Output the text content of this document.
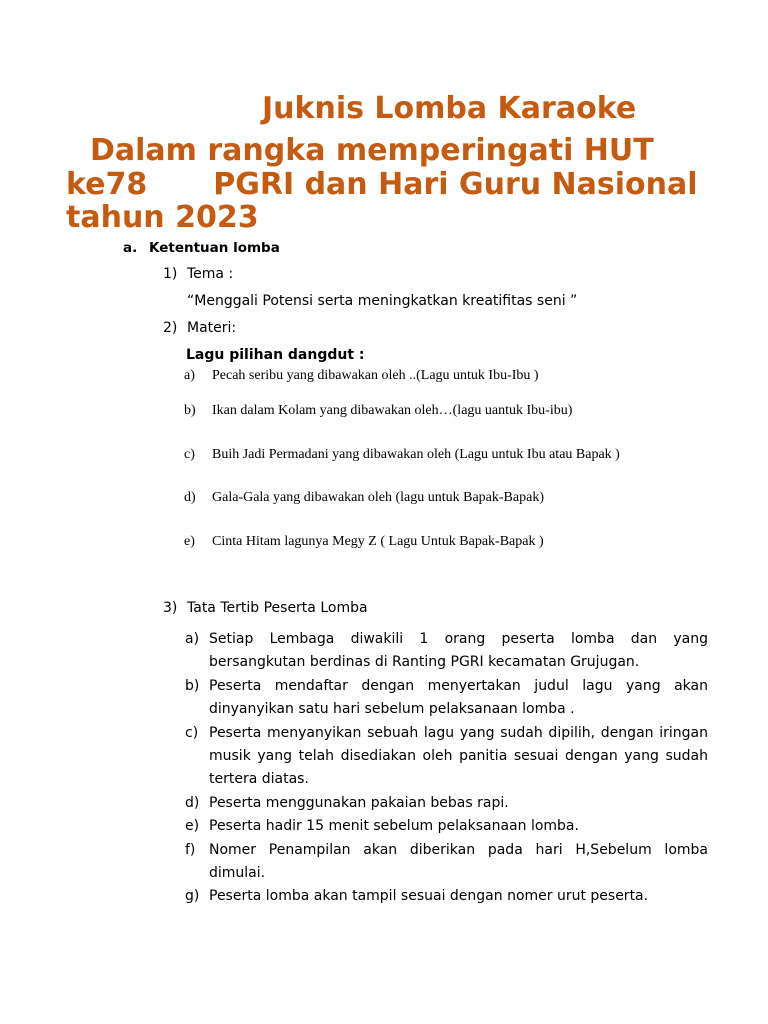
Juknis Lomba Karaoke

Dalam rangka memperingati HUT

ke78 PGRI dan Hari Guru Nasional

tahun 2023

a. Ketentuan lomba
1) Tema :
“Menggali Potensi serta meningkatkan kreatifitas seni ”
2) Materi:
Lagu pilihan dangdut :
a) Pecah seribu yang dibawakan oleh ..(Lagu untuk Ibu-Ibu )
b) Ikan dalam Kolam yang dibawakan oleh…(lagu uantuk Ibu-ibu)
c) Buih Jadi Permadani yang dibawakan oleh (Lagu untuk Ibu atau Bapak )
d) Gala-Gala yang dibawakan oleh (lagu untuk Bapak-Bapak)
e) Cinta Hitam lagunya Megy Z ( Lagu Untuk Bapak-Bapak )
3) Tata Tertib Peserta Lomba
a) Setiap Lembaga diwakili 1 orang peserta lomba dan yang bersangkutan berdinas di Ranting PGRI kecamatan Grujugan.
b) Peserta mendaftar dengan menyertakan judul lagu yang akan dinyanyikan satu hari sebelum pelaksanaan lomba .
c) Peserta menyanyikan sebuah lagu yang sudah dipilih, dengan iringan musik yang telah disediakan oleh panitia sesuai dengan yang sudah tertera diatas.
d) Peserta menggunakan pakaian bebas rapi.
e) Peserta hadir 15 menit sebelum pelaksanaan lomba.
f) Nomer Penampilan akan diberikan pada hari H,Sebelum lomba dimulai.
g) Peserta lomba akan tampil sesuai dengan nomer urut peserta.
